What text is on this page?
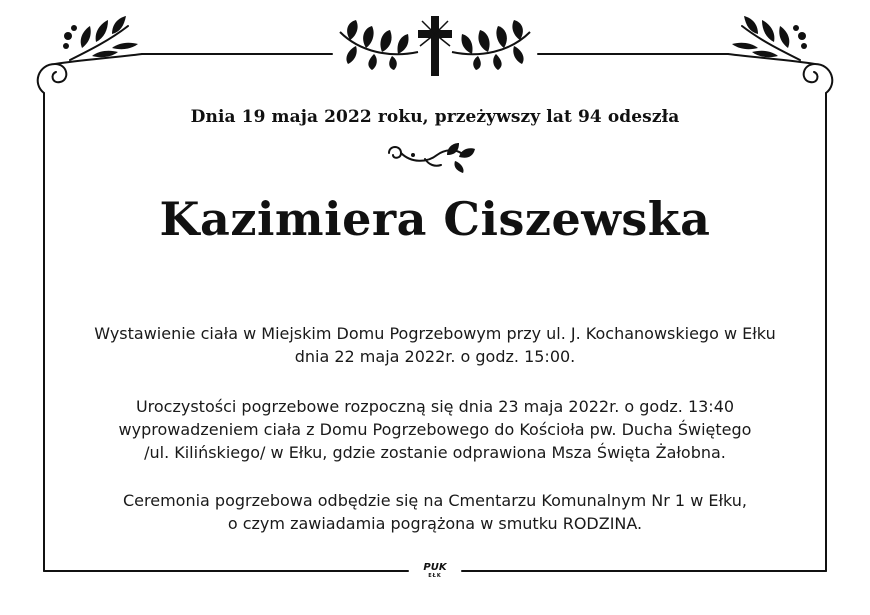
Dnia 19 maja 2022 roku, przeżywszy lat 94 odeszła
Kazimiera Ciszewska
Wystawienie ciała w Miejskim Domu Pogrzebowym przy ul. J. Kochanowskiego w Ełku
dnia 22 maja 2022r. o godz. 15:00.
Uroczystości pogrzebowe rozpoczną się dnia 23 maja 2022r. o godz. 13:40
wyprowadzeniem ciała z Domu Pogrzebowego do Kościoła pw. Ducha Świętego
/ul. Kilińskiego/ w Ełku, gdzie zostanie odprawiona Msza Święta Żałobna.
Ceremonia pogrzebowa odbędzie się na Cmentarzu Komunalnym Nr 1 w Ełku,
o czym zawiadamia pogrążona w smutku RODZINA.
PUK
EŁK
